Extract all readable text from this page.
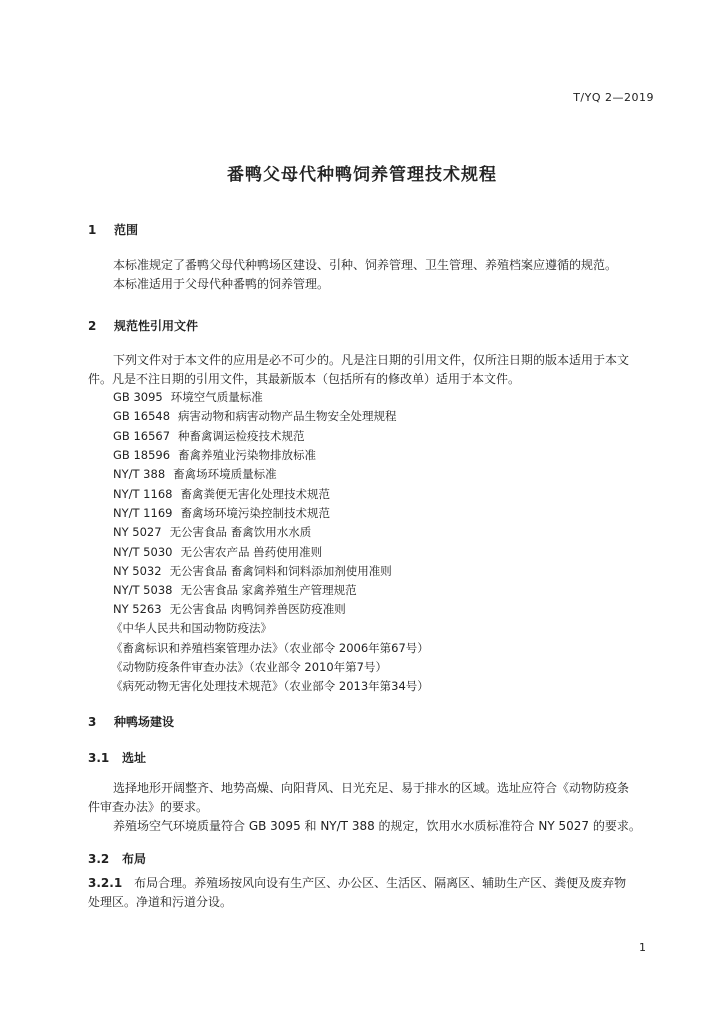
T/YQ 2—2019
番鸭父母代种鸭饲养管理技术规程
1 范围
本标准规定了番鸭父母代种鸭场区建设、引种、饲养管理、卫生管理、养殖档案应遵循的规范。
本标准适用于父母代种番鸭的饲养管理。
2 规范性引用文件
下列文件对于本文件的应用是必不可少的。凡是注日期的引用文件，仅所注日期的版本适用于本文
件。凡是不注日期的引用文件，其最新版本（包括所有的修改单）适用于本文件。
GB 3095 环境空气质量标准
GB 16548 病害动物和病害动物产品生物安全处理规程
GB 16567 种畜禽调运检疫技术规范
GB 18596 畜禽养殖业污染物排放标准
NY/T 388 畜禽场环境质量标准
NY/T 1168 畜禽粪便无害化处理技术规范
NY/T 1169 畜禽场环境污染控制技术规范
NY 5027 无公害食品 畜禽饮用水水质
NY/T 5030 无公害农产品 兽药使用准则
NY 5032 无公害食品 畜禽饲料和饲料添加剂使用准则
NY/T 5038 无公害食品 家禽养殖生产管理规范
NY 5263 无公害食品 肉鸭饲养兽医防疫准则
《中华人民共和国动物防疫法》
《畜禽标识和养殖档案管理办法》（农业部令 2006年第67号）
《动物防疫条件审查办法》（农业部令 2010年第7号）
《病死动物无害化处理技术规范》（农业部令 2013年第34号）
3 种鸭场建设
3.1 选址
选择地形开阔整齐、地势高燥、向阳背风、日光充足、易于排水的区域。选址应符合《动物防疫条
件审查办法》的要求。
养殖场空气环境质量符合 GB 3095 和 NY/T 388 的规定，饮用水水质标准符合 NY 5027 的要求。
3.2 布局
3.2.1 布局合理。养殖场按风向设有生产区、办公区、生活区、隔离区、辅助生产区、粪便及废弃物
处理区。净道和污道分设。
1
